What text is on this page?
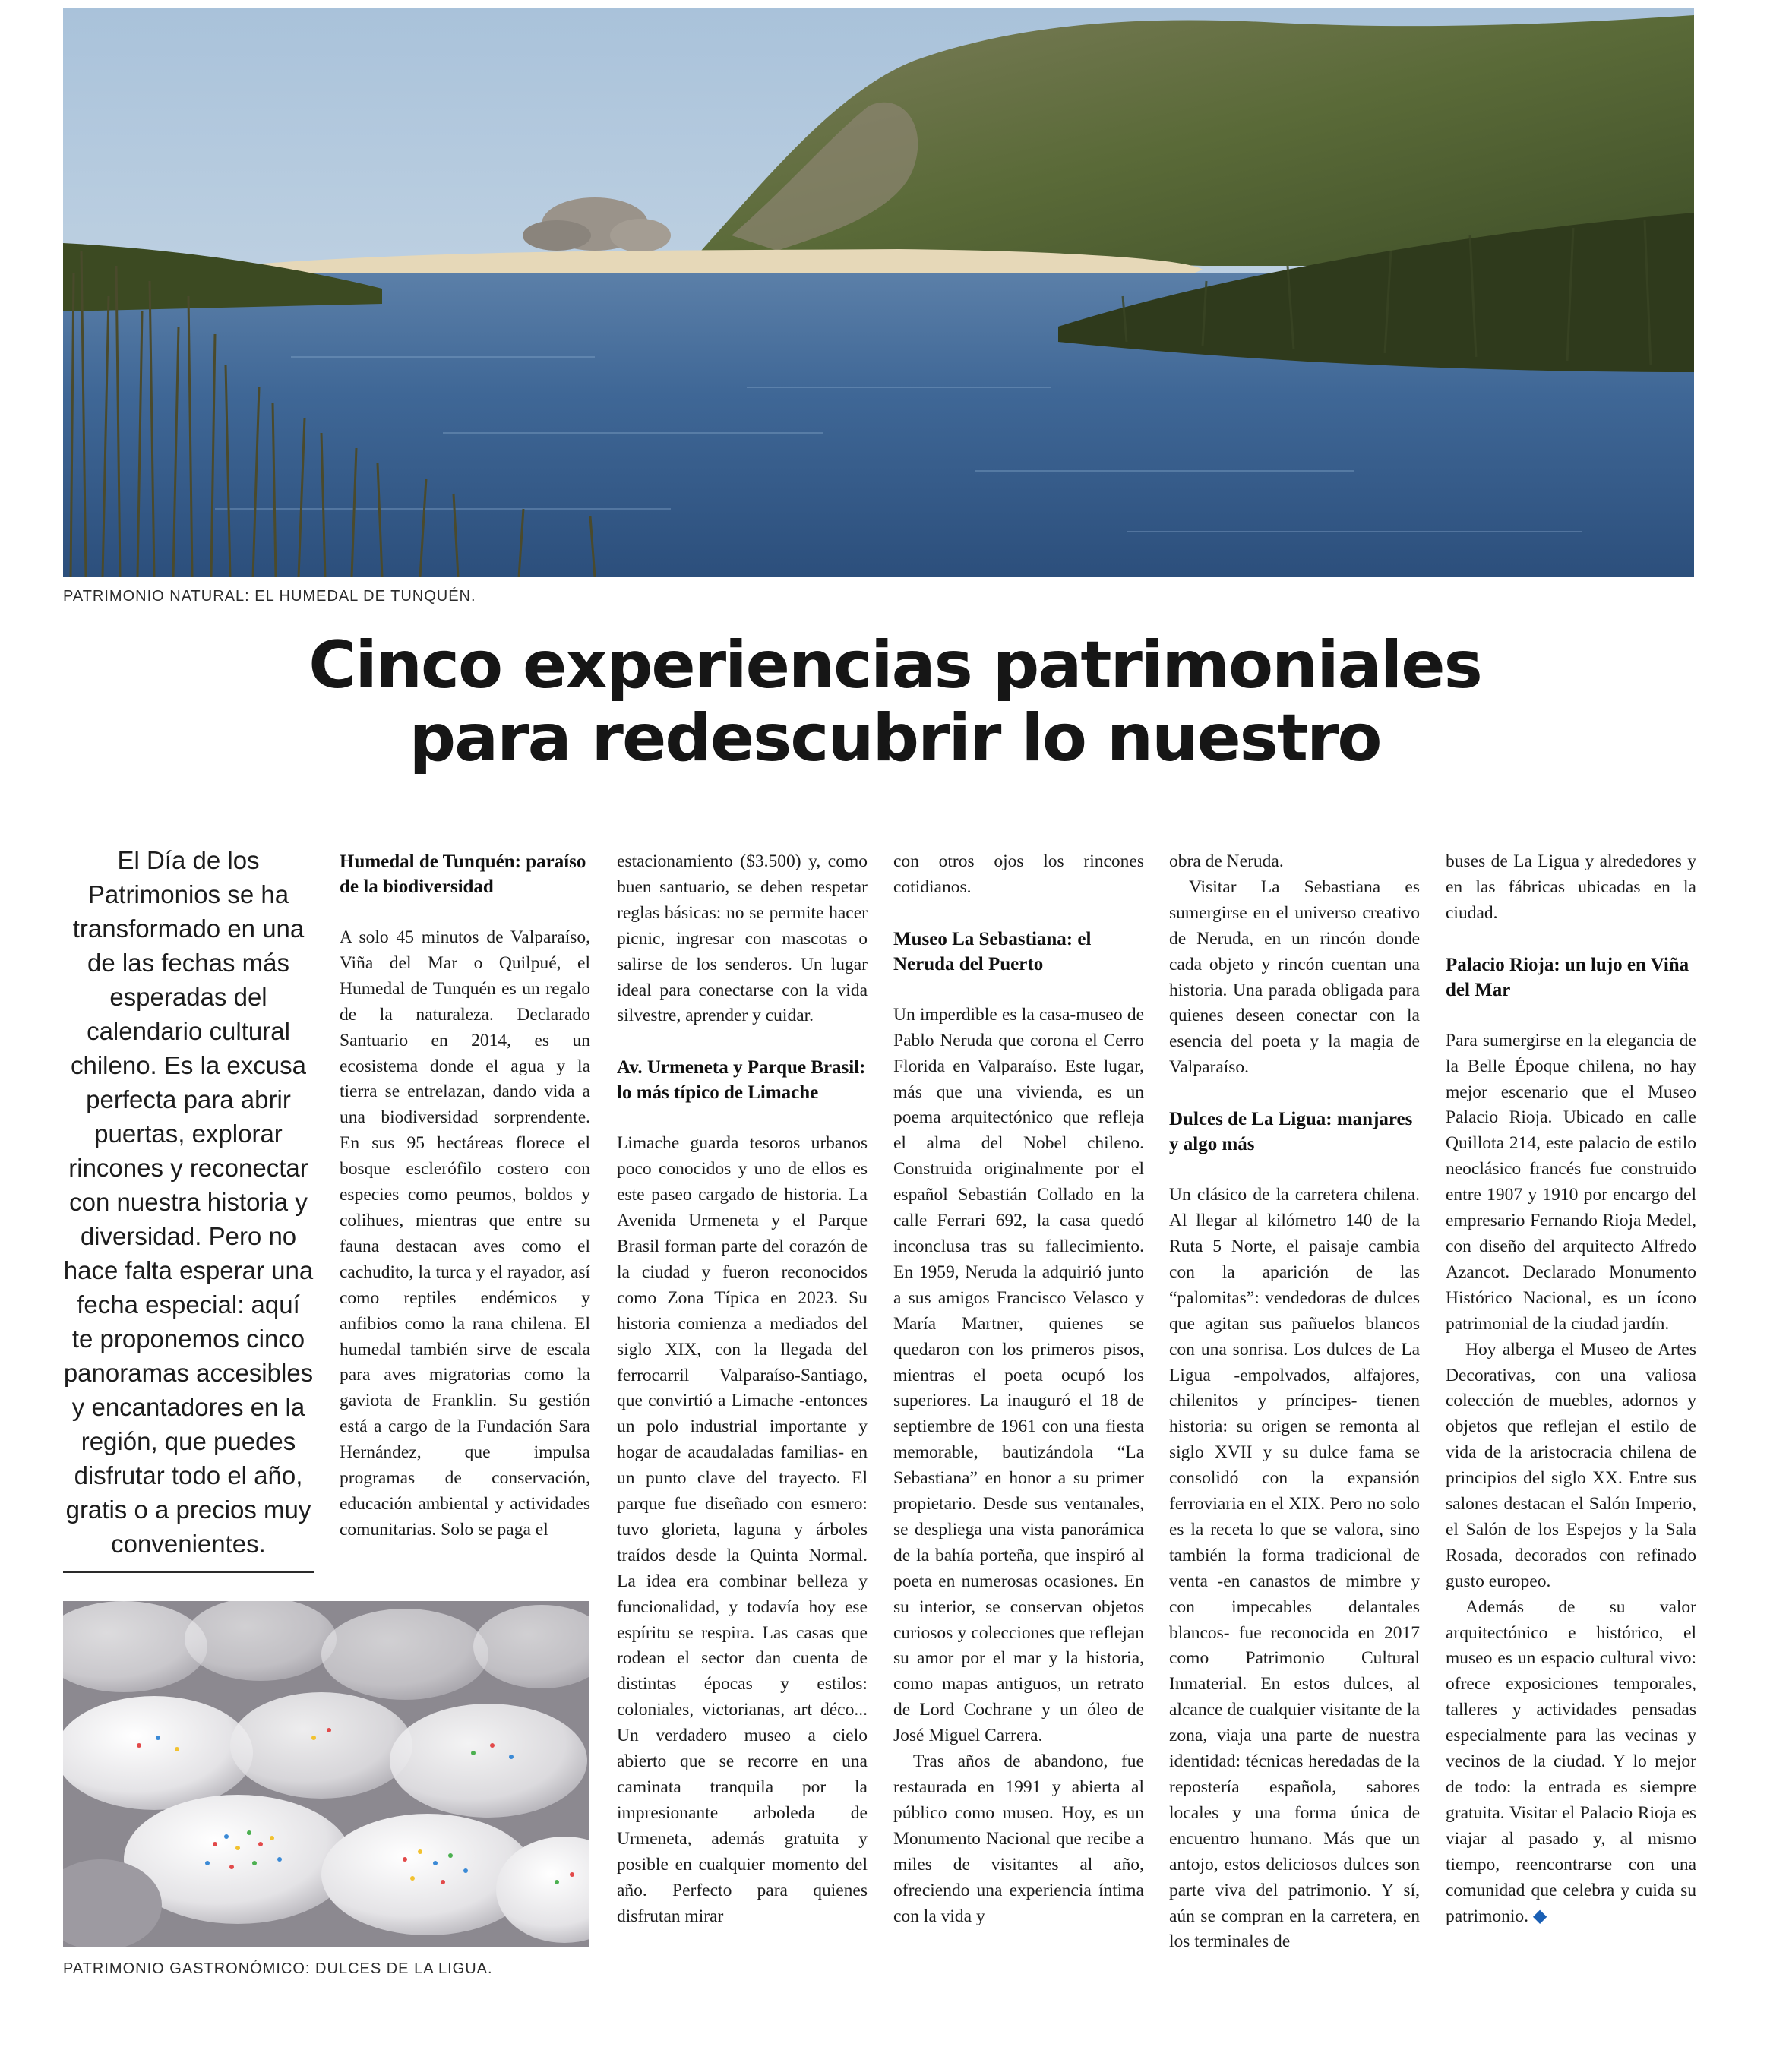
PATRIMONIO NATURAL: EL HUMEDAL DE TUNQUÉN.
Cinco experiencias patrimoniales
para redescubrir lo nuestro

El Día de los Patrimonios se ha transformado en una de las fechas más esperadas del calendario cultural chileno. Es la excusa perfecta para abrir puertas, explorar rincones y reconectar con nuestra historia y diversidad. Pero no hace falta esperar una fecha especial: aquí te proponemos cinco panoramas accesibles y encantadores en la región, que puedes disfrutar todo el año, gratis o a precios muy convenientes.

PATRIMONIO GASTRONÓMICO: DULCES DE LA LIGUA.
Humedal de Tunquén: paraíso de la biodiversidad

A solo 45 minutos de Valparaíso, Viña del Mar o Quilpué, el Humedal de Tunquén es un regalo de la naturaleza. Declarado Santuario en 2014, es un ecosistema donde el agua y la tierra se entrelazan, dando vida a una biodiversidad sorprendente. En sus 95 hectáreas florece el bosque esclerófilo costero con especies como peumos, boldos y colihues, mientras que entre su fauna destacan aves como el cachudito, la turca y el rayador, así como reptiles endémicos y anfibios como la rana chilena. El humedal también sirve de escala para aves migratorias como la gaviota de Franklin. Su gestión está a cargo de la Fundación Sara Hernández, que impulsa programas de conservación, educación ambiental y actividades comunitarias. Solo se paga el

estacionamiento ($3.500) y, como buen santuario, se deben respetar reglas básicas: no se permite hacer picnic, ingresar con mascotas o salirse de los senderos. Un lugar ideal para conectarse con la vida silvestre, aprender y cuidar.

Av. Urmeneta y Parque Brasil: lo más típico de Limache

Limache guarda tesoros urbanos poco conocidos y uno de ellos es este paseo cargado de historia. La Avenida Urmeneta y el Parque Brasil forman parte del corazón de la ciudad y fueron reconocidos como Zona Típica en 2023. Su historia comienza a mediados del siglo XIX, con la llegada del ferrocarril Valparaíso-Santiago, que convirtió a Limache -entonces un polo industrial importante y hogar de acaudaladas familias- en un punto clave del trayecto. El parque fue diseñado con esmero: tuvo glorieta, laguna y árboles traídos desde la Quinta Normal. La idea era combinar belleza y funcionalidad, y todavía hoy ese espíritu se respira. Las casas que rodean el sector dan cuenta de distintas épocas y estilos: coloniales, victorianas, art déco... Un verdadero museo a cielo abierto que se recorre en una caminata tranquila por la impresionante arboleda de Urmeneta, además gratuita y posible en cualquier momento del año. Perfecto para quienes disfrutan mirar

con otros ojos los rincones cotidianos.

Museo La Sebastiana: el Neruda del Puerto

Un imperdible es la casa-museo de Pablo Neruda que corona el Cerro Florida en Valparaíso. Este lugar, más que una vivienda, es un poema arquitectónico que refleja el alma del Nobel chileno. Construida originalmente por el español Sebastián Collado en la calle Ferrari 692, la casa quedó inconclusa tras su fallecimiento. En 1959, Neruda la adquirió junto a sus amigos Francisco Velasco y María Martner, quienes se quedaron con los primeros pisos, mientras el poeta ocupó los superiores. La inauguró el 18 de septiembre de 1961 con una fiesta memorable, bautizándola “La Sebastiana” en honor a su primer propietario. Desde sus ventanales, se despliega una vista panorámica de la bahía porteña, que inspiró al poeta en numerosas ocasiones. En su interior, se conservan objetos curiosos y colecciones que reflejan su amor por el mar y la historia, como mapas antiguos, un retrato de Lord Cochrane y un óleo de José Miguel Carrera.

Tras años de abandono, fue restaurada en 1991 y abierta al público como museo. Hoy, es un Monumento Nacional que recibe a miles de visitantes al año, ofreciendo una experiencia íntima con la vida y

obra de Neruda.

Visitar La Sebastiana es sumergirse en el universo creativo de Neruda, en un rincón donde cada objeto y rincón cuentan una historia. Una parada obligada para quienes deseen conectar con la esencia del poeta y la magia de Valparaíso.

Dulces de La Ligua: manjares y algo más

Un clásico de la carretera chilena. Al llegar al kilómetro 140 de la Ruta 5 Norte, el paisaje cambia con la aparición de las “palomitas”: vendedoras de dulces que agitan sus pañuelos blancos con una sonrisa. Los dulces de La Ligua -empolvados, alfajores, chilenitos y príncipes- tienen historia: su origen se remonta al siglo XVII y su dulce fama se consolidó con la expansión ferroviaria en el XIX. Pero no solo es la receta lo que se valora, sino también la forma tradicional de venta -en canastos de mimbre y con impecables delantales blancos- fue reconocida en 2017 como Patrimonio Cultural Inmaterial. En estos dulces, al alcance de cualquier visitante de la zona, viaja una parte de nuestra identidad: técnicas heredadas de la repostería española, sabores locales y una forma única de encuentro humano. Más que un antojo, estos deliciosos dulces son parte viva del patrimonio. Y sí, aún se compran en la carretera, en los terminales de

buses de La Ligua y alrededores y en las fábricas ubicadas en la ciudad.

Palacio Rioja: un lujo en Viña del Mar

Para sumergirse en la elegancia de la Belle Époque chilena, no hay mejor escenario que el Museo Palacio Rioja. Ubicado en calle Quillota 214, este palacio de estilo neoclásico francés fue construido entre 1907 y 1910 por encargo del empresario Fernando Rioja Medel, con diseño del arquitecto Alfredo Azancot. Declarado Monumento Histórico Nacional, es un ícono patrimonial de la ciudad jardín.

Hoy alberga el Museo de Artes Decorativas, con una valiosa colección de muebles, adornos y objetos que reflejan el estilo de vida de la aristocracia chilena de principios del siglo XX. Entre sus salones destacan el Salón Imperio, el Salón de los Espejos y la Sala Rosada, decorados con refinado gusto europeo.

Además de su valor arquitectónico e histórico, el museo es un espacio cultural vivo: ofrece exposiciones temporales, talleres y actividades pensadas especialmente para las vecinas y vecinos de la ciudad. Y lo mejor de todo: la entrada es siempre gratuita. Visitar el Palacio Rioja es viajar al pasado y, al mismo tiempo, reencontrarse con una comunidad que celebra y cuida su patrimonio. ◆
